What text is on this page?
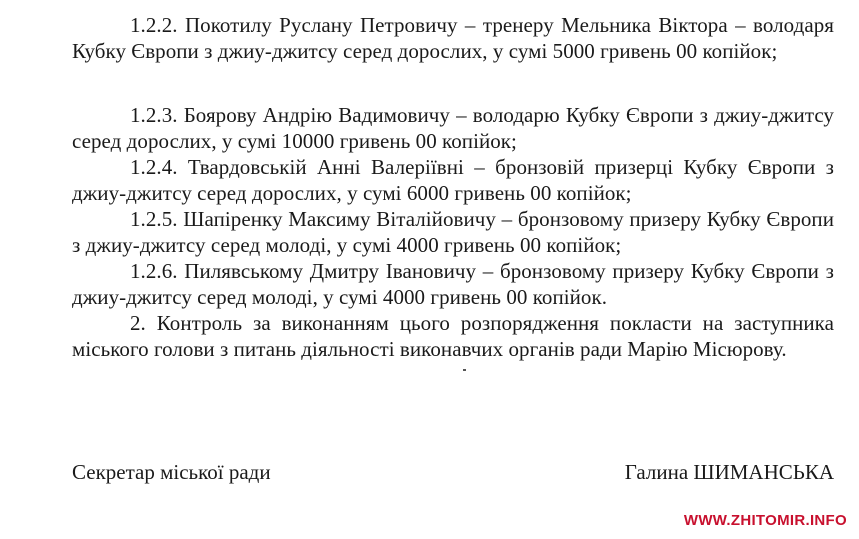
1.2.2. Покотилу Руслану Петровичу – тренеру Мельника Віктора – володаря Кубку Європи з джиу-джитсу серед дорослих, у сумі 5000 гривень 00 копійок;
1.2.3. Боярову Андрію Вадимовичу – володарю Кубку Європи з джиу-джитсу серед дорослих, у сумі 10000 гривень 00 копійок;
1.2.4. Твардовській Анні Валеріївні – бронзовій призерці Кубку Європи з джиу-джитсу серед дорослих, у сумі 6000 гривень 00 копійок;
1.2.5. Шапіренку Максиму Віталійовичу – бронзовому призеру Кубку Європи з джиу-джитсу серед молоді, у сумі 4000 гривень 00 копійок;
1.2.6. Пилявському Дмитру Івановичу – бронзовому призеру Кубку Європи з джиу-джитсу серед молоді, у сумі 4000 гривень 00 копійок.
2. Контроль за виконанням цього розпорядження покласти на заступника міського голови з питань діяльності виконавчих органів ради Марію Місюрову.
Секретар міської ради	Галина ШИМАНСЬКА
WWW.ZHITOMIR.INFO
